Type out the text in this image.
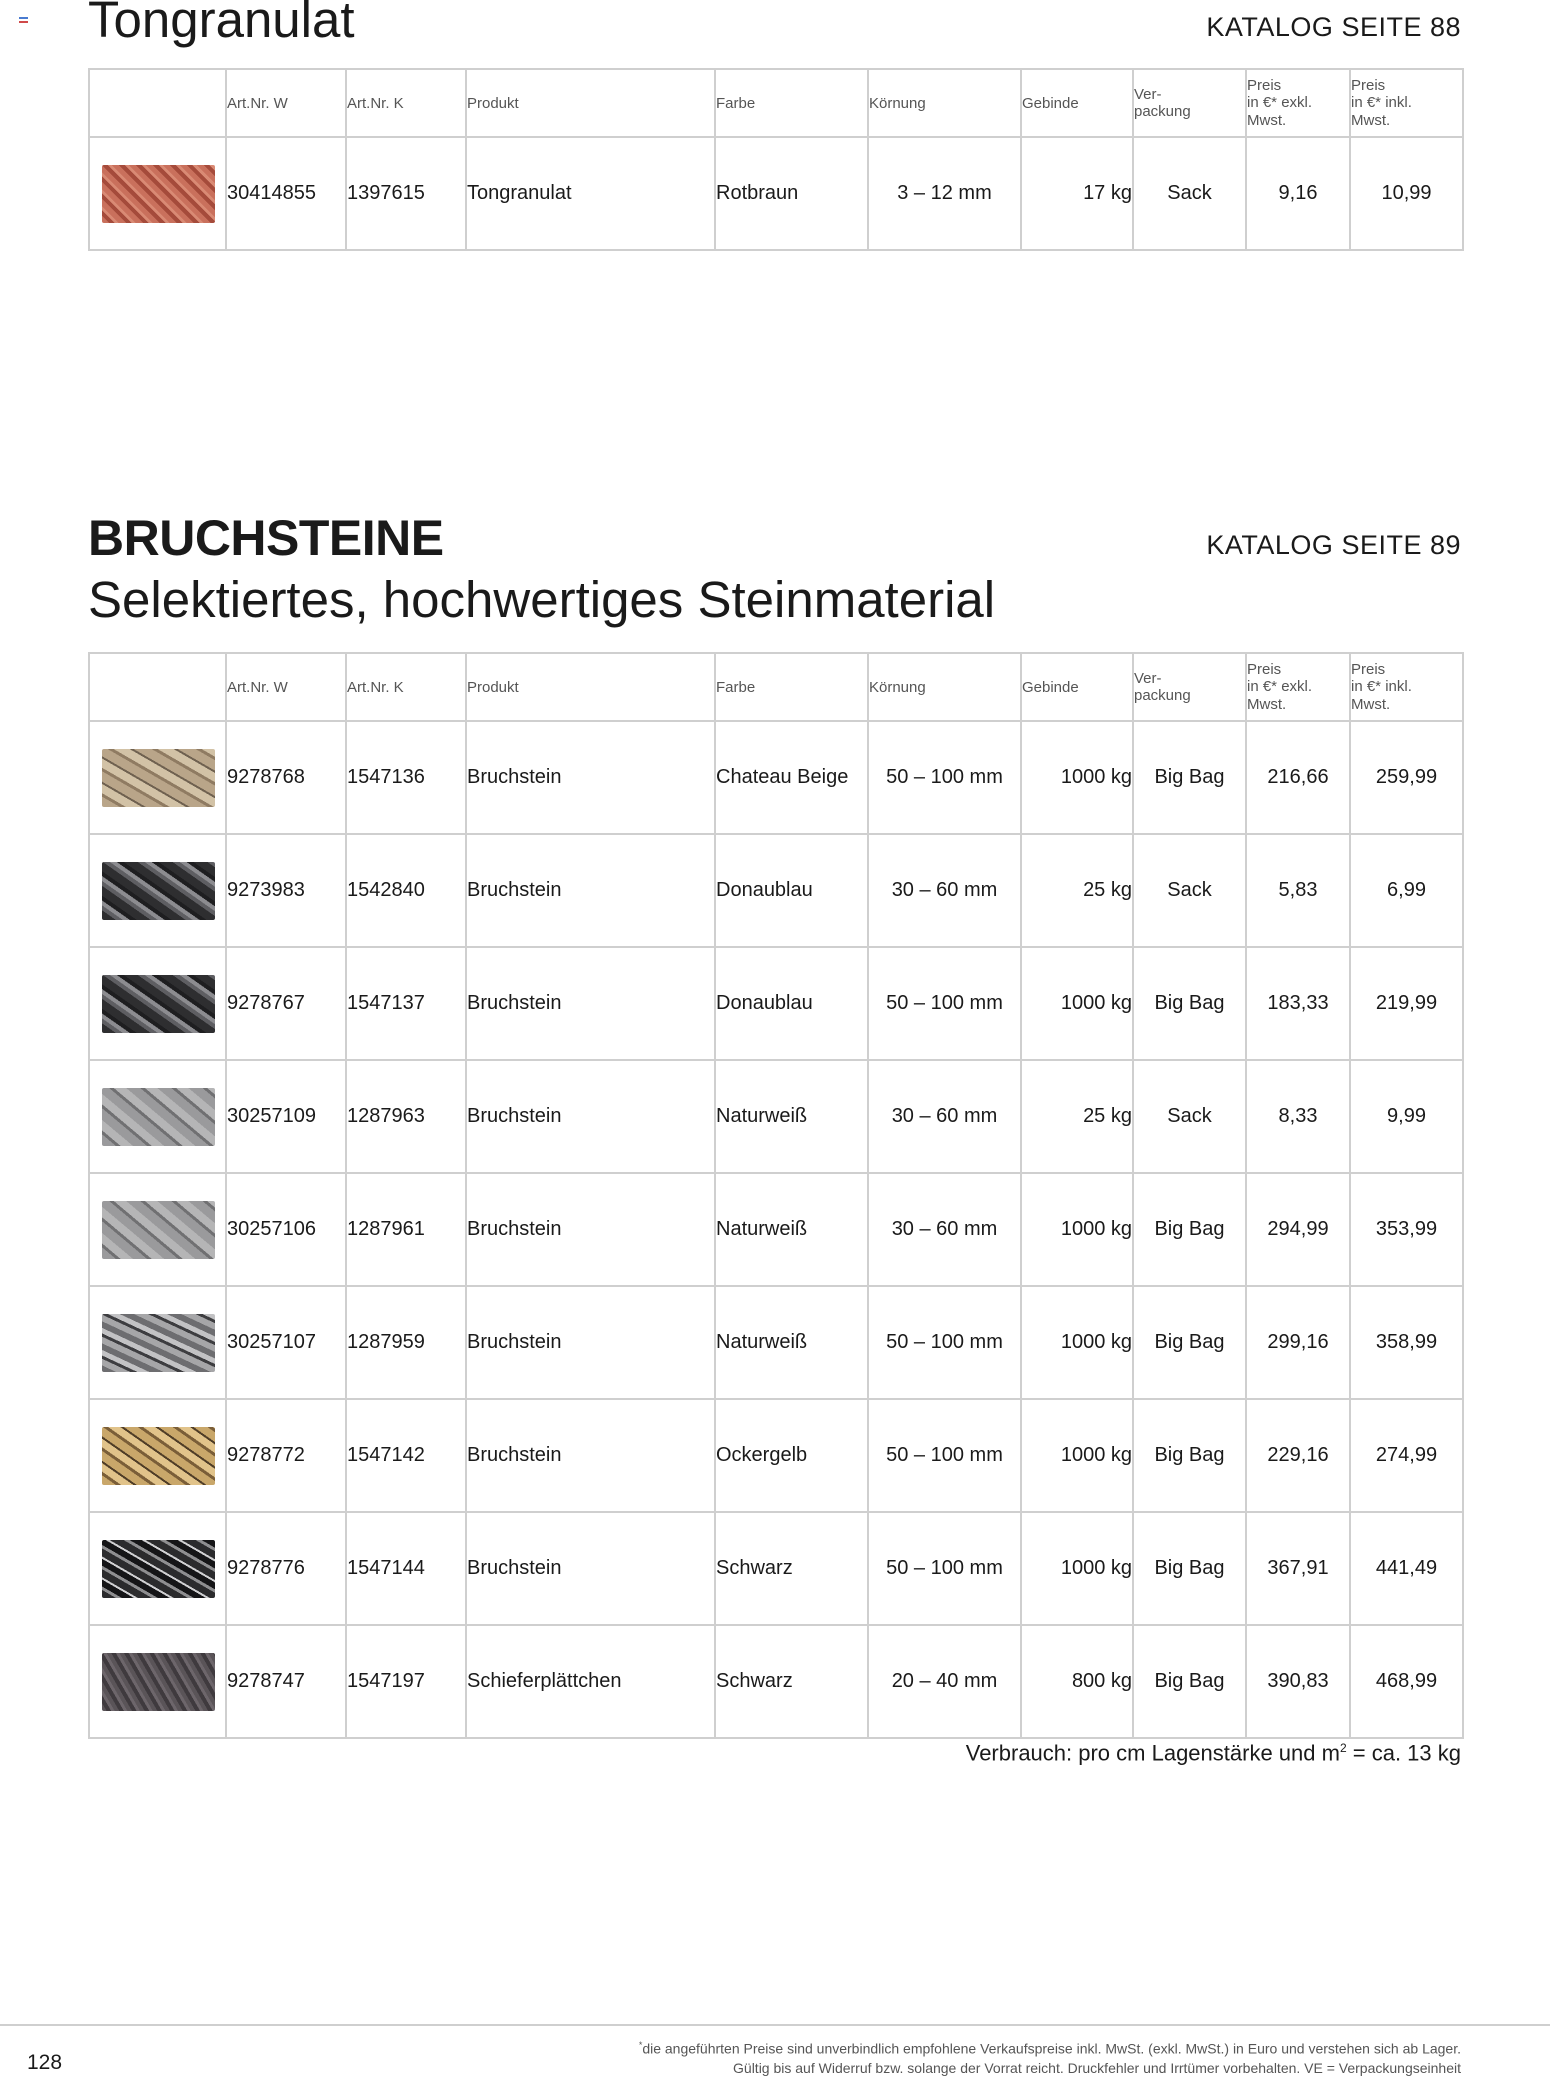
Tongranulat	KATALOG SEITE 88
	Art.Nr. W	Art.Nr. K	Produkt	Farbe	Körnung	Gebinde	Ver-
packung	Preis
in €* exkl.
Mwst.	Preis
in €* inkl.
Mwst.

	30414855	1397615	Tongranulat	Rotbraun	3 – 12 mm	17 kg	Sack	9,16	10,99
BRUCHSTEINE	KATALOG SEITE 89
Selektiertes, hochwertiges Steinmaterial
	Art.Nr. W	Art.Nr. K	Produkt	Farbe	Körnung	Gebinde	Ver-
packung	Preis
in €* exkl.
Mwst.	Preis
in €* inkl.
Mwst.

	9278768	1547136	Bruchstein	Chateau Beige	50 – 100 mm	1000 kg	Big Bag	216,66	259,99

	9273983	1542840	Bruchstein	Donaublau	30 – 60 mm	25 kg	Sack	5,83	6,99

	9278767	1547137	Bruchstein	Donaublau	50 – 100 mm	1000 kg	Big Bag	183,33	219,99

	30257109	1287963	Bruchstein	Naturweiß	30 – 60 mm	25 kg	Sack	8,33	9,99

	30257106	1287961	Bruchstein	Naturweiß	30 – 60 mm	1000 kg	Big Bag	294,99	353,99

	30257107	1287959	Bruchstein	Naturweiß	50 – 100 mm	1000 kg	Big Bag	299,16	358,99

	9278772	1547142	Bruchstein	Ockergelb	50 – 100 mm	1000 kg	Big Bag	229,16	274,99

	9278776	1547144	Bruchstein	Schwarz	50 – 100 mm	1000 kg	Big Bag	367,91	441,49

	9278747	1547197	Schieferplättchen	Schwarz	20 – 40 mm	800 kg	Big Bag	390,83	468,99
Verbrauch: pro cm Lagenstärke und $m^2$ = ca. 13 kg
128
*die angeführten Preise sind unverbindlich empfohlene Verkaufspreise inkl. MwSt. (exkl. MwSt.) in Euro und verstehen sich ab Lager.
Gültig bis auf Widerruf bzw. solange der Vorrat reicht. Druckfehler und Irrtümer vorbehalten. VE = Verpackungseinheit
